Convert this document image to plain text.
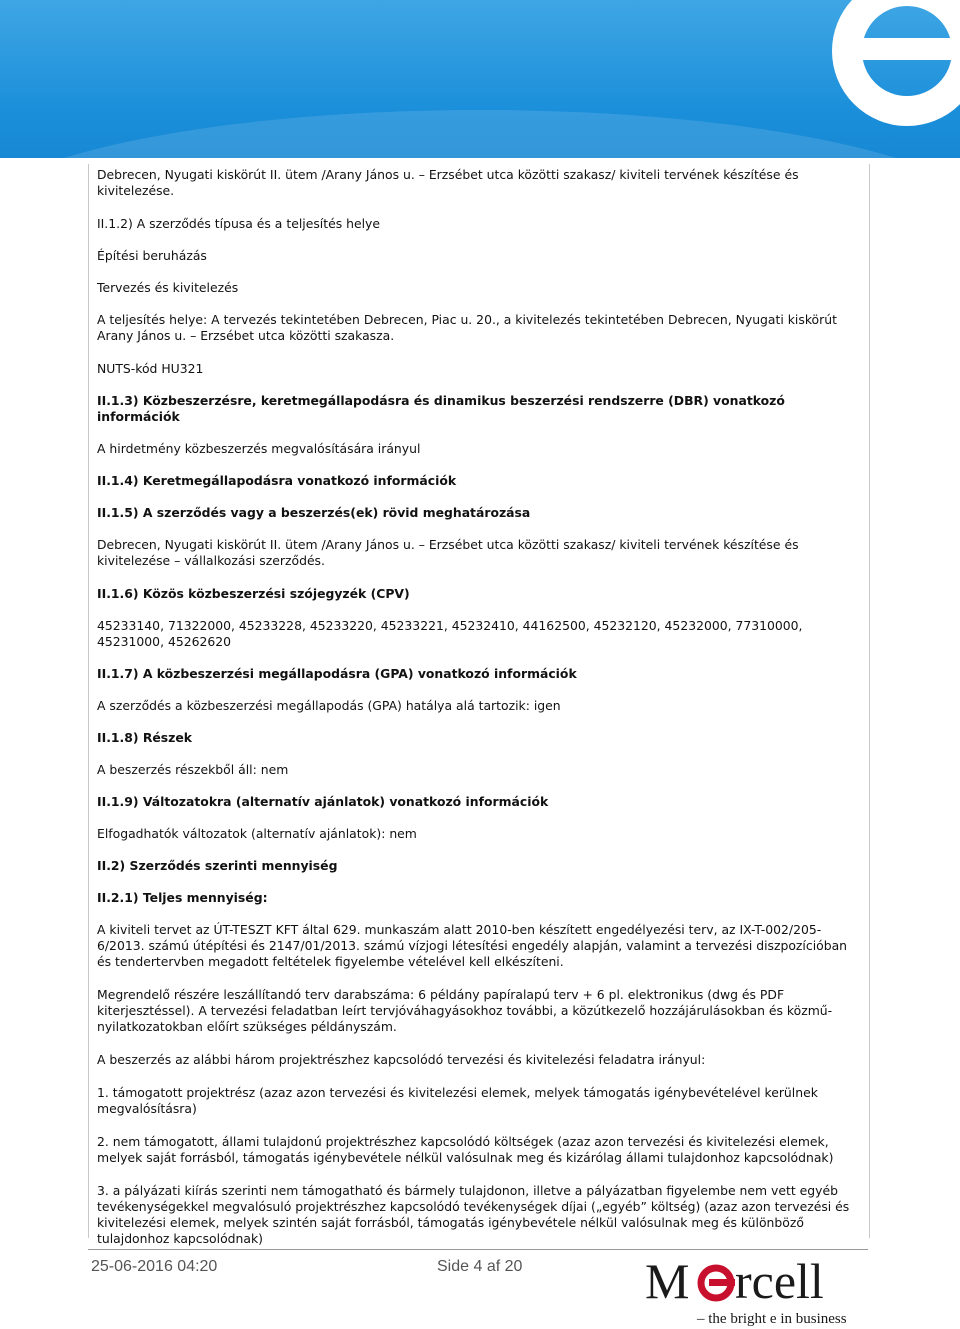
Debrecen, Nyugati kiskörút II. ütem /Arany János u. – Erzsébet utca közötti szakasz/ kiviteli tervének készítése és kivitelezése.

II.1.2) A szerződés típusa és a teljesítés helye

Építési beruházás

Tervezés és kivitelezés

A teljesítés helye: A tervezés tekintetében Debrecen, Piac u. 20., a kivitelezés tekintetében Debrecen, Nyugati kiskörút Arany János u. – Erzsébet utca közötti szakasza.

NUTS-kód HU321

II.1.3) Közbeszerzésre, keretmegállapodásra és dinamikus beszerzési rendszerre (DBR) vonatkozó információk

A hirdetmény közbeszerzés megvalósítására irányul

II.1.4) Keretmegállapodásra vonatkozó információk

II.1.5) A szerződés vagy a beszerzés(ek) rövid meghatározása

Debrecen, Nyugati kiskörút II. ütem /Arany János u. – Erzsébet utca közötti szakasz/ kiviteli tervének készítése és kivitelezése – vállalkozási szerződés.

II.1.6) Közös közbeszerzési szójegyzék (CPV)

45233140, 71322000, 45233228, 45233220, 45233221, 45232410, 44162500, 45232120, 45232000, 77310000, 45231000, 45262620

II.1.7) A közbeszerzési megállapodásra (GPA) vonatkozó információk

A szerződés a közbeszerzési megállapodás (GPA) hatálya alá tartozik: igen

II.1.8) Részek

A beszerzés részekből áll: nem

II.1.9) Változatokra (alternatív ajánlatok) vonatkozó információk

Elfogadhatók változatok (alternatív ajánlatok): nem

II.2) Szerződés szerinti mennyiség

II.2.1) Teljes mennyiség:

A kiviteli tervet az ÚT-TESZT KFT által 629. munkaszám alatt 2010-ben készített engedélyezési terv, az IX-T-002/205-6/2013. számú útépítési és 2147/01/2013. számú vízjogi létesítési engedély alapján, valamint a tervezési diszpozícióban és tendertervben megadott feltételek figyelembe vételével kell elkészíteni.

Megrendelő részére leszállítandó terv darabszáma: 6 példány papíralapú terv + 6 pl. elektronikus (dwg és PDF kiterjesztéssel). A tervezési feladatban leírt tervjóváhagyásokhoz további, a közútkezelő hozzájárulásokban és közmű-nyilatkozatokban előírt szükséges példányszám.

A beszerzés az alábbi három projektrészhez kapcsolódó tervezési és kivitelezési feladatra irányul:

1. támogatott projektrész (azaz azon tervezési és kivitelezési elemek, melyek támogatás igénybevételével kerülnek megvalósításra)

2. nem támogatott, állami tulajdonú projektrészhez kapcsolódó költségek (azaz azon tervezési és kivitelezési elemek, melyek saját forrásból, támogatás igénybevétele nélkül valósulnak meg és kizárólag állami tulajdonhoz kapcsolódnak)

3. a pályázati kiírás szerinti nem támogatható és bármely tulajdonon, illetve a pályázatban figyelembe nem vett egyéb tevékenységekkel megvalósuló projektrészhez kapcsolódó tevékenységek díjai („egyéb” költség) (azaz azon tervezési és kivitelezési elemek, melyek szintén saját forrásból, támogatás igénybevétele nélkül valósulnak meg és különböző tulajdonhoz kapcsolódnak)

25-06-2016 04:20	Side 4 af 20 M rcell
– the bright e in business
